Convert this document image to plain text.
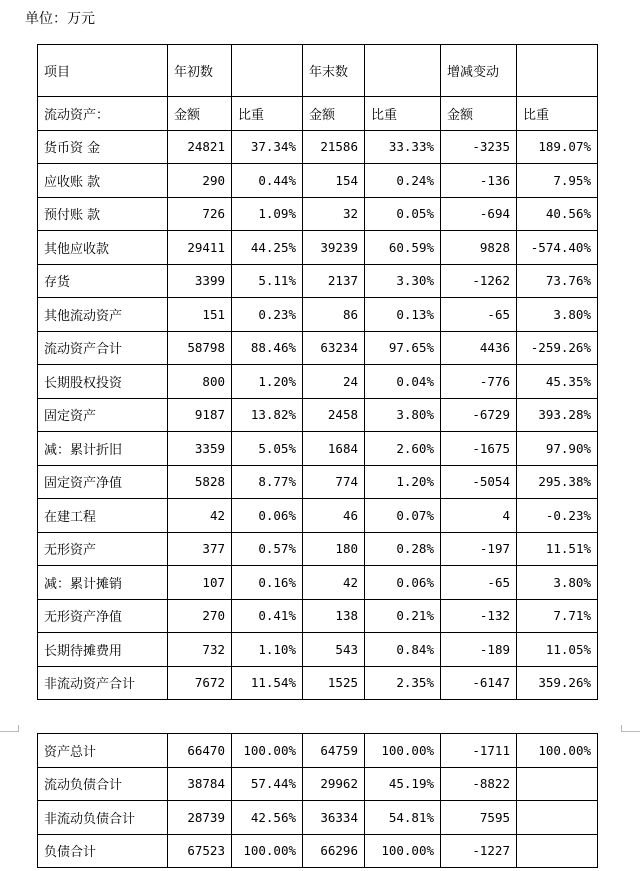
单位：万元
项目	年初数		年末数		增减变动	
流动资产：	金额	比重	金额	比重	金额	比重
货币资 金	24821	37.34%	21586	33.33%	-3235	189.07%
应收账 款	290	0.44%	154	0.24%	-136	7.95%
预付账 款	726	1.09%	32	0.05%	-694	40.56%
其他应收款	29411	44.25%	39239	60.59%	9828	-574.40%
存货	3399	5.11%	2137	3.30%	-1262	73.76%
其他流动资产	151	0.23%	86	0.13%	-65	3.80%
流动资产合计	58798	88.46%	63234	97.65%	4436	-259.26%
长期股权投资	800	1.20%	24	0.04%	-776	45.35%
固定资产	9187	13.82%	2458	3.80%	-6729	393.28%
减：累计折旧	3359	5.05%	1684	2.60%	-1675	97.90%
固定资产净值	5828	8.77%	774	1.20%	-5054	295.38%
在建工程	42	0.06%	46	0.07%	4	-0.23%
无形资产	377	0.57%	180	0.28%	-197	11.51%
减：累计摊销	107	0.16%	42	0.06%	-65	3.80%
无形资产净值	270	0.41%	138	0.21%	-132	7.71%
长期待摊费用	732	1.10%	543	0.84%	-189	11.05%
非流动资产合计	7672	11.54%	1525	2.35%	-6147	359.26%
资产总计	66470	100.00%	64759	100.00%	-1711	100.00%
流动负债合计	38784	57.44%	29962	45.19%	-8822	
非流动负债合计	28739	42.56%	36334	54.81%	7595	
负债合计	67523	100.00%	66296	100.00%	-1227	
